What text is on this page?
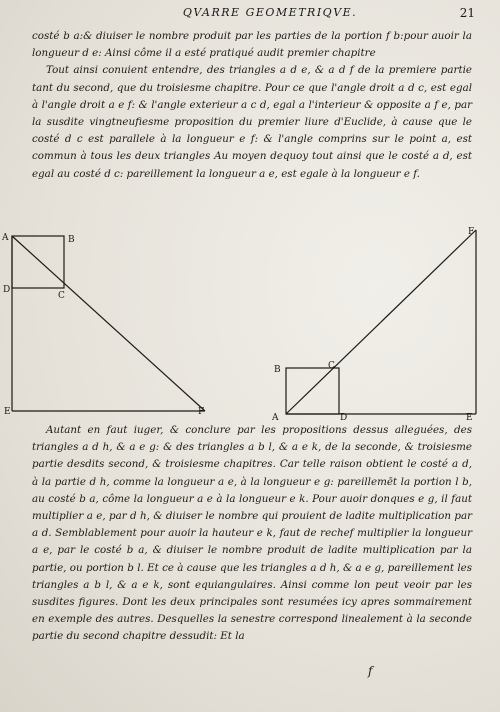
QVARRE GEOMETRIQVE.	21

costé b a:& diuiser le nombre produit par les parties de la portion f b:pour auoir la longueur d e: Ainsi côme il a esté pratiqué audit premier chapitre

Tout ainsi conuient entendre, des triangles a d e, & a d f de la premiere partie tant du second, que du troisiesme chapitre. Pour ce que l'angle droit a d c, est egal à l'angle droit a e f: & l'angle exterieur a c d, egal a l'interieur & opposite a f e, par la susdite vingtneufiesme proposition du premier liure d'Euclide, à cause que le costé d c est parallele à la longueur e f: & l'angle comprins sur le point a, est commun à tous les deux triangles Au moyen dequoy tout ainsi que le costé a d, est egal au costé d c: pareillement la longueur a e, est egale à la longueur e f.

A	B
D
C
E	F
F
B	C
A	D	E

Autant en faut iuger, & conclure par les propositions dessus alleguées, des triangles a d h, & a e g: & des triangles a b l, & a e k, de la seconde, & troisiesme partie desdits second, & troisiesme chapitres. Car telle raison obtient le costé a d, à la partie d h, comme la longueur a e, à la longueur e g: pareillemēt la portion l b, au costé b a, côme la longueur a e à la longueur e k. Pour auoir donques e g, il faut multiplier a e, par d h, & diuiser le nombre qui prouient de ladite multiplication par a d. Semblablement pour auoir la hauteur e k, faut de rechef multiplier la longueur a e, par le costé b a, & diuiser le nombre produit de ladite multiplication par la partie, ou portion b l. Et ce à cause que les triangles a d h, & a e g, pareillement les triangles a b l, & a e k, sont equiangulaires. Ainsi comme lon peut veoir par les susdites figures. Dont les deux principales sont resumées icy apres sommairement en exemple des autres. Desquelles la senestre correspond linealement à la seconde partie du second chapitre dessudit: Et la

f
